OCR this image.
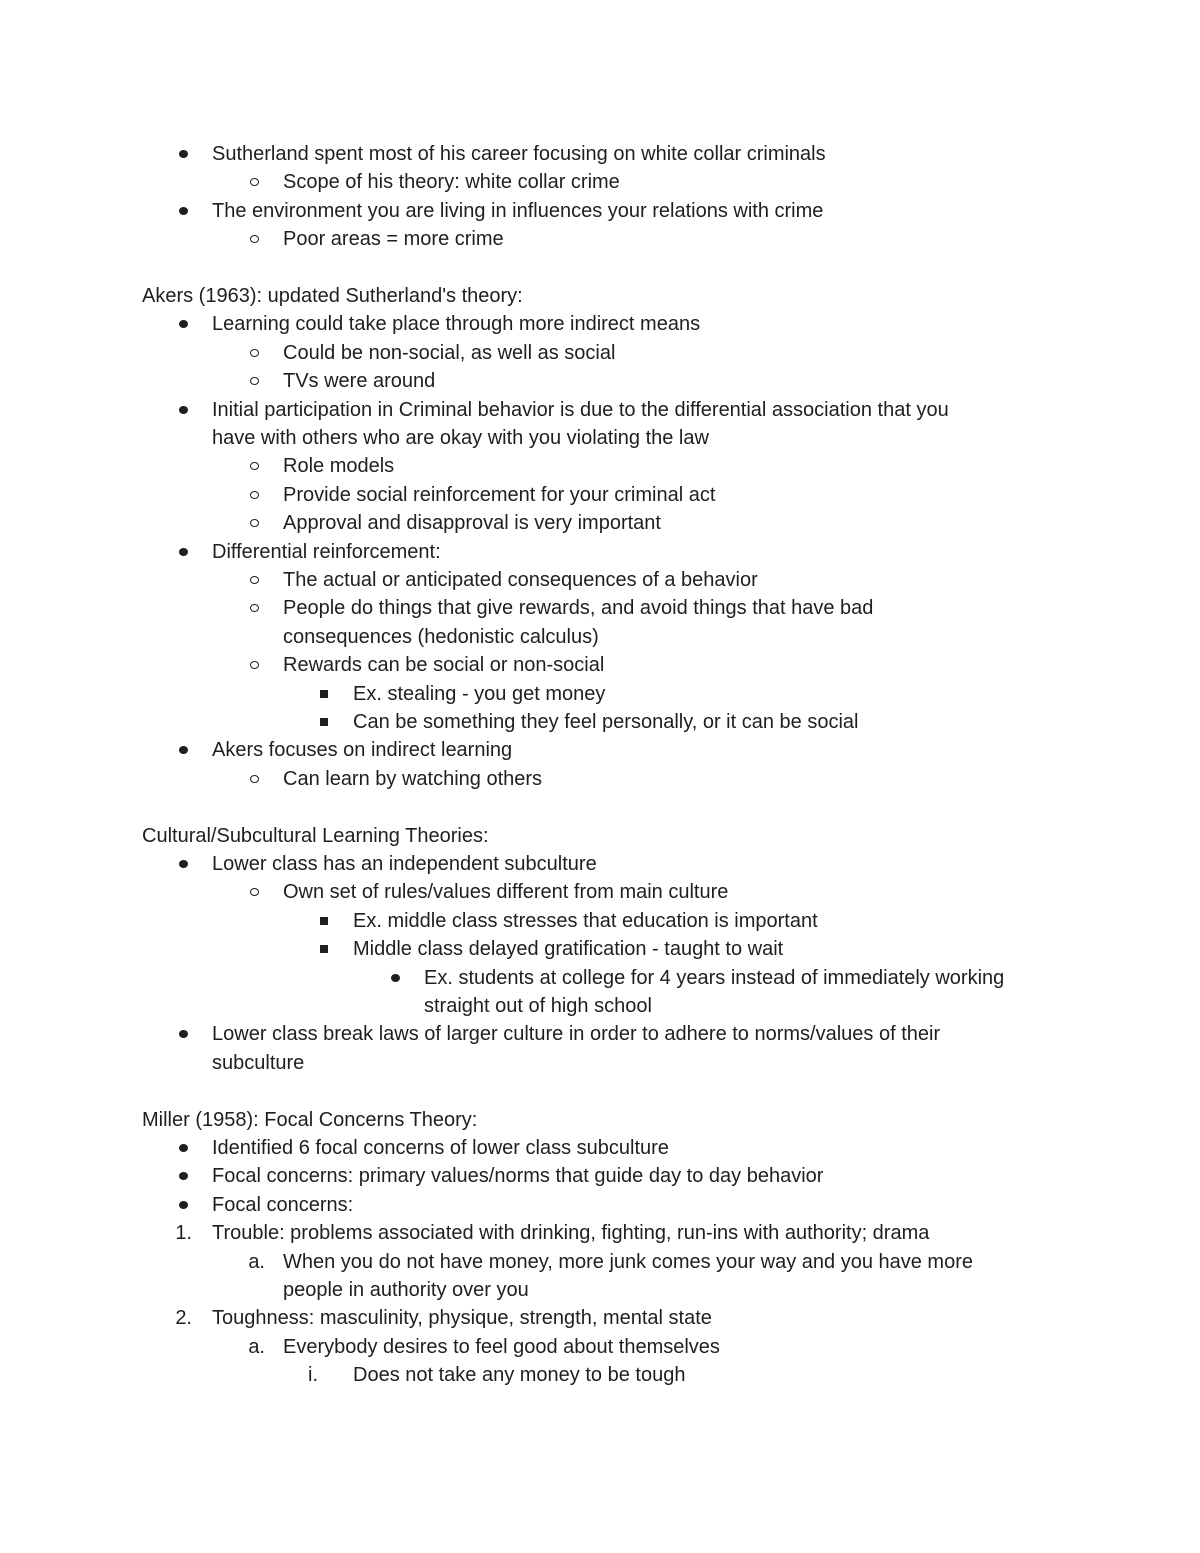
Sutherland spent most of his career focusing on white collar criminals
Scope of his theory: white collar crime
The environment you are living in influences your relations with crime
Poor areas = more crime
Akers (1963): updated Sutherland's theory:
Learning could take place through more indirect means
Could be non-social, as well as social
TVs were around
Initial participation in Criminal behavior is due to the differential association that you
have with others who are okay with you violating the law
Role models
Provide social reinforcement for your criminal act
Approval and disapproval is very important
Differential reinforcement:
The actual or anticipated consequences of a behavior
People do things that give rewards, and avoid things that have bad
consequences (hedonistic calculus)
Rewards can be social or non-social
Ex. stealing - you get money
Can be something they feel personally, or it can be social
Akers focuses on indirect learning
Can learn by watching others
Cultural/Subcultural Learning Theories:
Lower class has an independent subculture
Own set of rules/values different from main culture
Ex. middle class stresses that education is important
Middle class delayed gratification - taught to wait
Ex. students at college for 4 years instead of immediately working
straight out of high school
Lower class break laws of larger culture in order to adhere to norms/values of their
subculture
Miller (1958): Focal Concerns Theory:
Identified 6 focal concerns of lower class subculture
Focal concerns: primary values/norms that guide day to day behavior
Focal concerns:
1. Trouble: problems associated with drinking, fighting, run-ins with authority; drama
a. When you do not have money, more junk comes your way and you have more
people in authority over you
2. Toughness: masculinity, physique, strength, mental state
a. Everybody desires to feel good about themselves
i. Does not take any money to be tough
